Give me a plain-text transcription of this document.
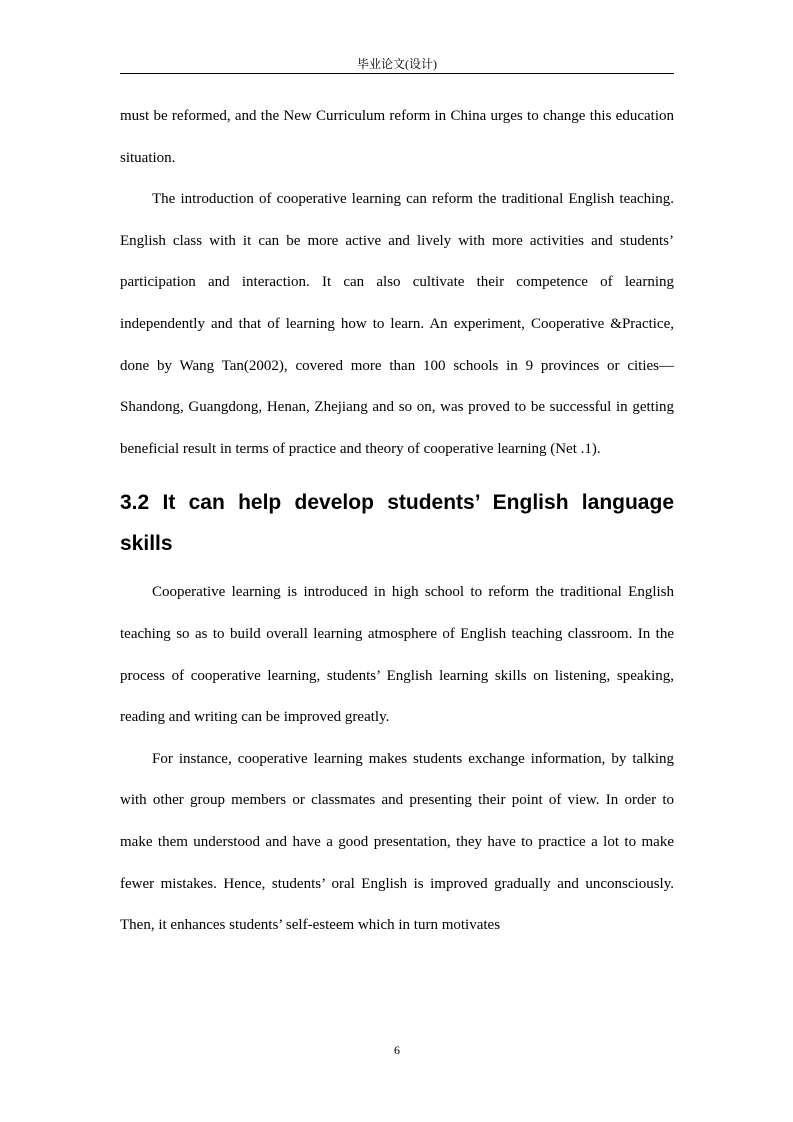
毕业论文(设计)

must be reformed, and the New Curriculum reform in China urges to change this education situation.

The introduction of cooperative learning can reform the traditional English teaching. English class with it can be more active and lively with more activities and students’ participation and interaction. It can also cultivate their competence of learning independently and that of learning how to learn. An experiment, Cooperative &Practice, done by Wang Tan(2002), covered more than 100 schools in 9 provinces or cities—Shandong, Guangdong, Henan, Zhejiang and so on, was proved to be successful in getting beneficial result in terms of practice and theory of cooperative learning (Net .1).

3.2 It can help develop students’ English language skills

Cooperative learning is introduced in high school to reform the traditional English teaching so as to build overall learning atmosphere of English teaching classroom. In the process of cooperative learning, students’ English learning skills on listening, speaking, reading and writing can be improved greatly.

For instance, cooperative learning makes students exchange information, by talking with other group members or classmates and presenting their point of view. In order to make them understood and have a good presentation, they have to practice a lot to make fewer mistakes. Hence, students’ oral English is improved gradually and unconsciously. Then, it enhances students’ self-esteem which in turn motivates

6
